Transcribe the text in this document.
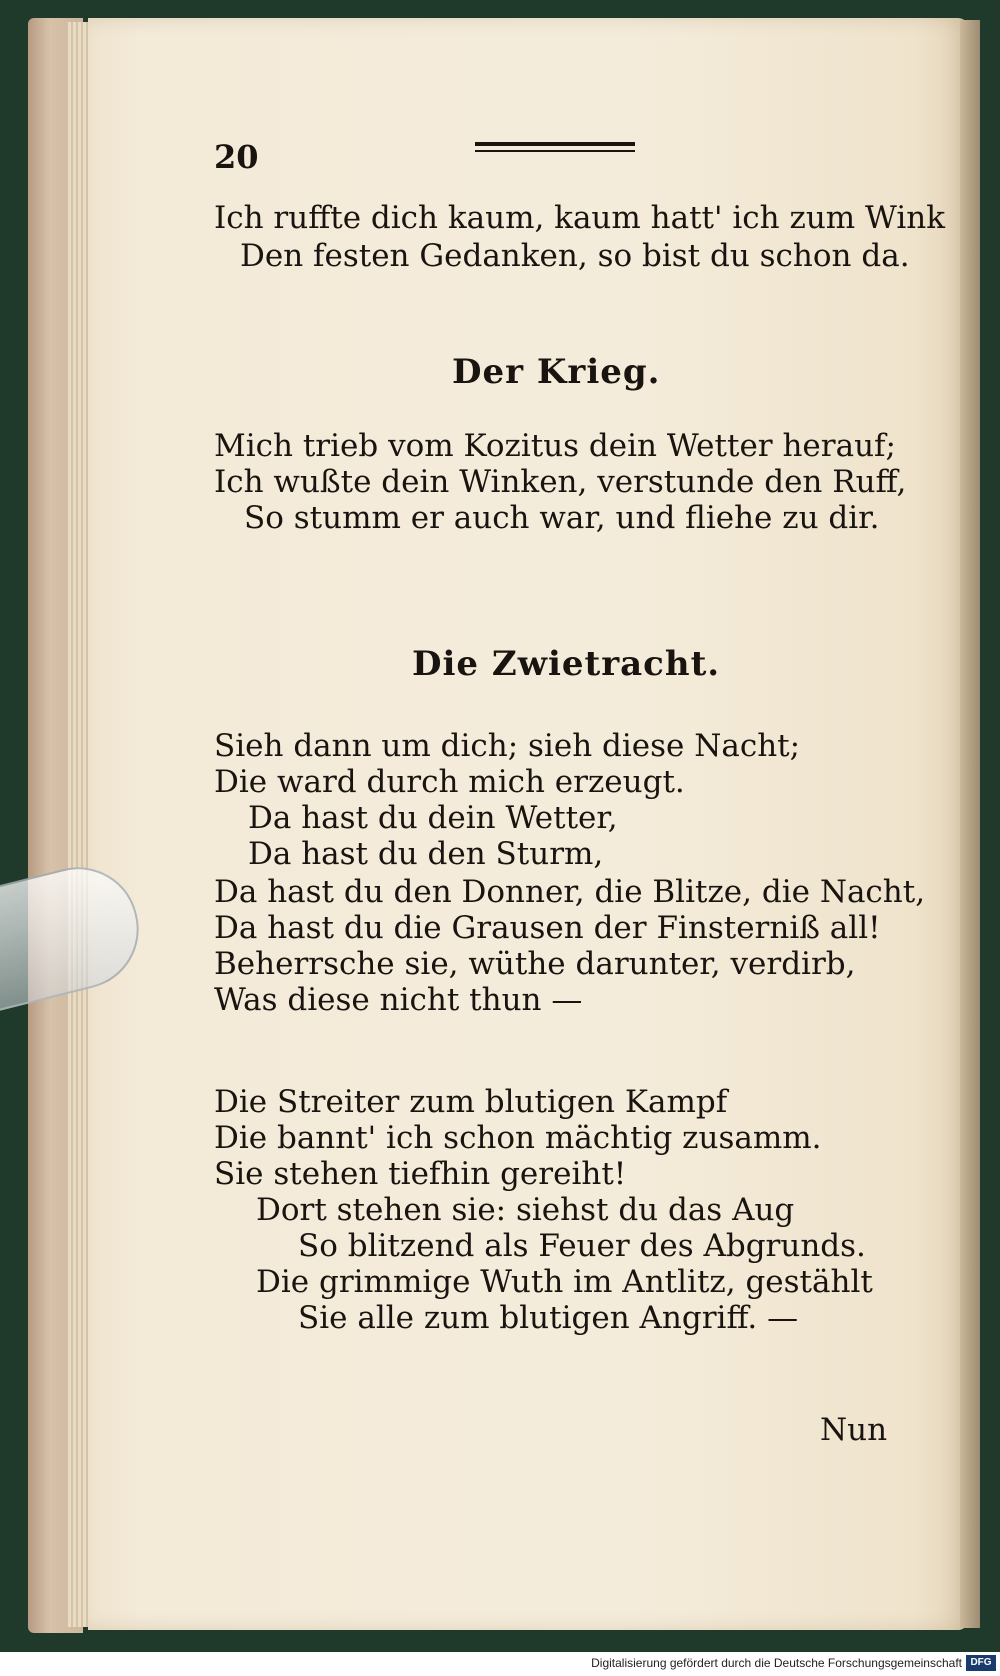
20
Ich ruffte dich kaum, kaum hatt' ich zum Wink
Den festen Gedanken, so bist du schon da.
Der Krieg.
Mich trieb vom Kozitus dein Wetter herauf;
Ich wußte dein Winken, verstunde den Ruff,
So stumm er auch war, und fliehe zu dir.
Die Zwietracht.
Sieh dann um dich; sieh diese Nacht;
Die ward durch mich erzeugt.
Da hast du dein Wetter,
Da hast du den Sturm,
Da hast du den Donner, die Blitze, die Nacht,
Da hast du die Grausen der Finsterniß all!
Beherrsche sie, wüthe darunter, verdirb,
Was diese nicht thun —
Die Streiter zum blutigen Kampf
Die bannt' ich schon mächtig zusamm.
Sie stehen tiefhin gereiht!
Dort stehen sie: siehst du das Aug
So blitzend als Feuer des Abgrunds.
Die grimmige Wuth im Antlitz, gestählt
Sie alle zum blutigen Angriff. —
Nun
Digitalisierung gefördert durch die Deutsche Forschungsgemeinschaft DFG
